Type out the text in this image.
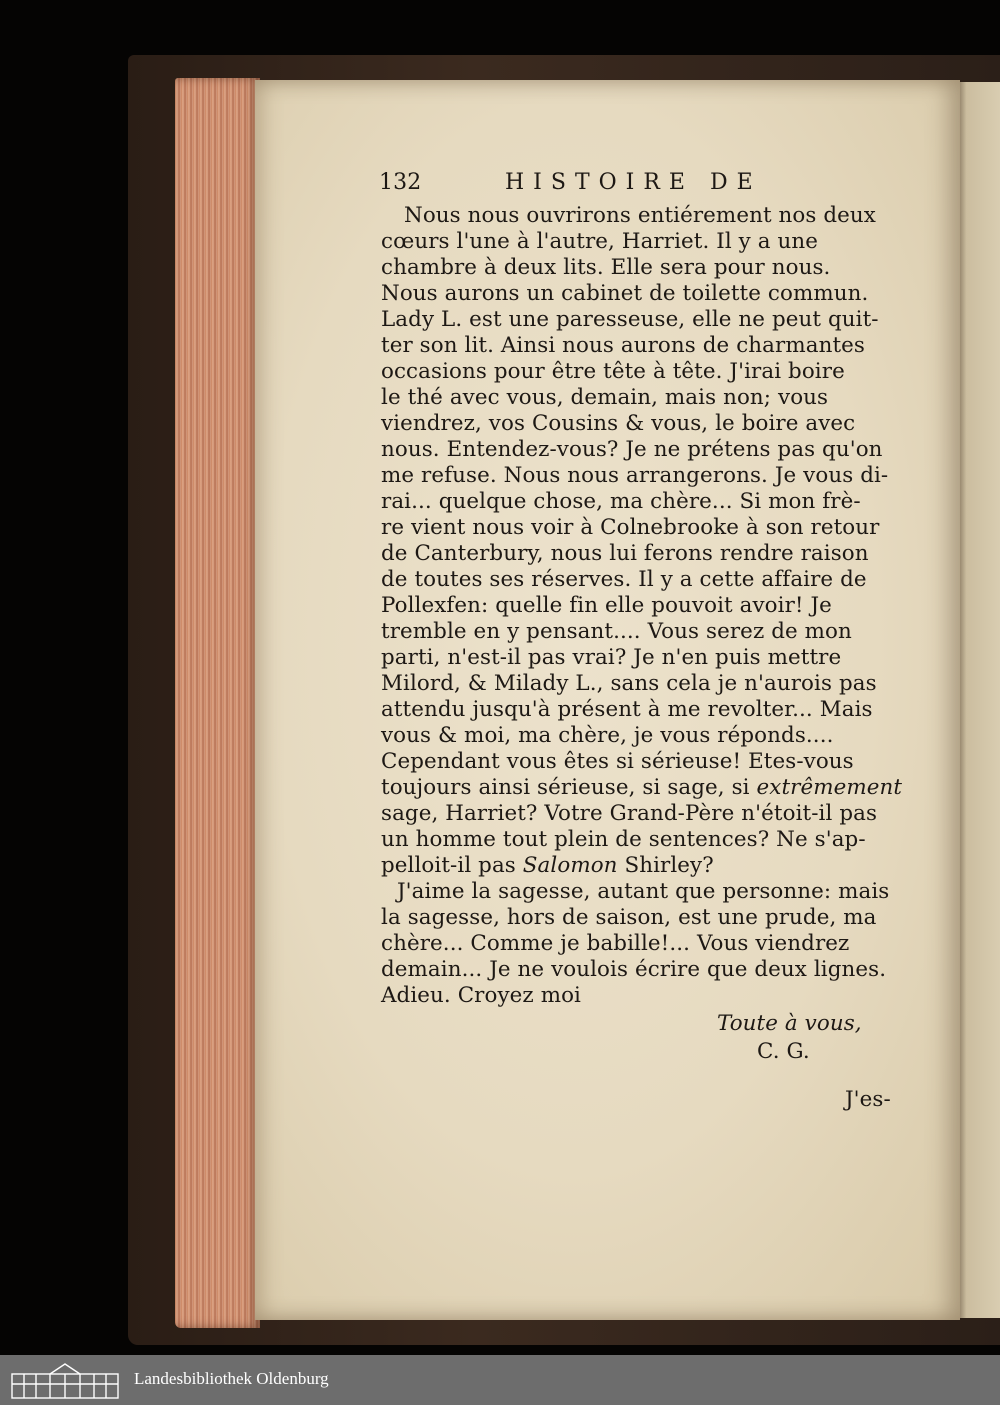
132	HISTOIRE DE
Nous nous ouvrirons entiérement nos deux
cœurs l'une à l'autre, Harriet. Il y a une
chambre à deux lits. Elle sera pour nous.
Nous aurons un cabinet de toilette commun.
Lady L. est une paresseuse, elle ne peut quit-
ter son lit. Ainsi nous aurons de charmantes
occasions pour être tête à tête. J'irai boire
le thé avec vous, demain, mais non; vous
viendrez, vos Cousins & vous, le boire avec
nous. Entendez-vous? Je ne prétens pas qu'on
me refuse. Nous nous arrangerons. Je vous di-
rai... quelque chose, ma chère... Si mon frè-
re vient nous voir à Colnebrooke à son retour
de Canterbury, nous lui ferons rendre raison
de toutes ses réserves. Il y a cette affaire de
Pollexfen: quelle fin elle pouvoit avoir! Je
tremble en y pensant.... Vous serez de mon
parti, n'est-il pas vrai? Je n'en puis mettre
Milord, & Milady L., sans cela je n'aurois pas
attendu jusqu'à présent à me revolter... Mais
vous & moi, ma chère, je vous réponds....
Cependant vous êtes si sérieuse! Etes-vous
toujours ainsi sérieuse, si sage, si extrêmement
sage, Harriet? Votre Grand-Père n'étoit-il pas
un homme tout plein de sentences? Ne s'ap-
pelloit-il pas Salomon Shirley?
J'aime la sagesse, autant que personne: mais
la sagesse, hors de saison, est une prude, ma
chère... Comme je babille!... Vous viendrez
demain... Je ne voulois écrire que deux lignes.
Adieu. Croyez moi
Toute à vous,
C. G.
J'es-
Landesbibliothek Oldenburg
